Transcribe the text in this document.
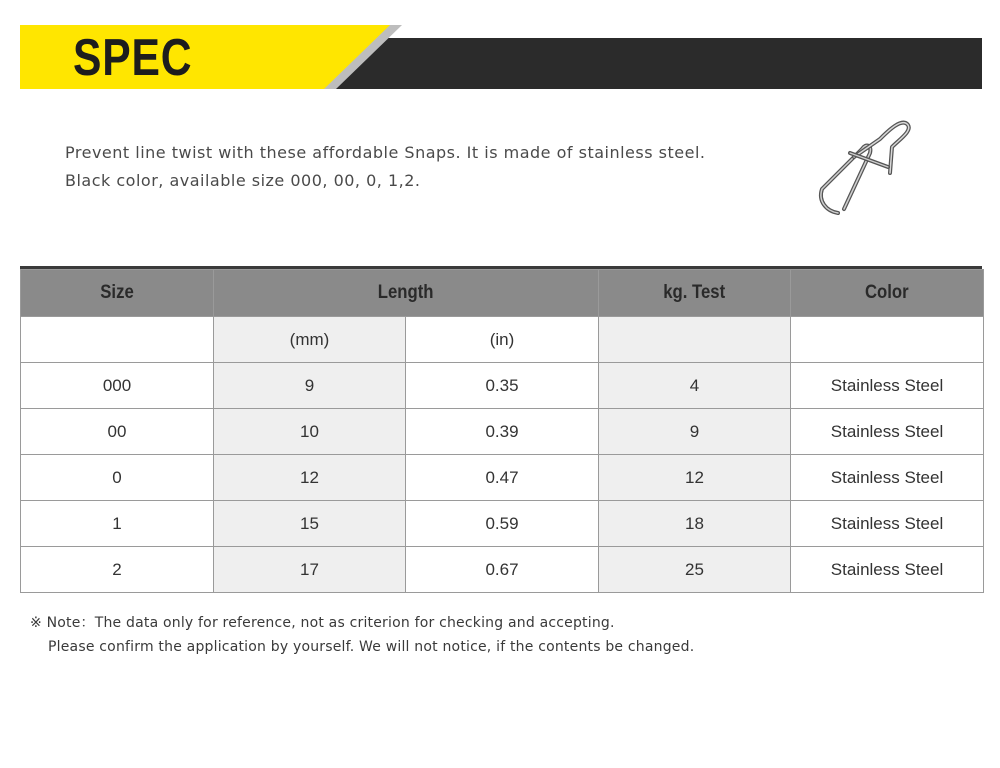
SPEC
Prevent line twist with these affordable Snaps. It is made of stainless steel.
Black color, available size 000, 00, 0, 1,2.
Size	Length		kg. Test	Color
	(mm)	(in)		
000	9	0.35	4	Stainless Steel
00	10	0.39	9	Stainless Steel
0	12	0.47	12	Stainless Steel
1	15	0.59	18	Stainless Steel
2	17	0.67	25	Stainless Steel
※ Note：The data only for reference, not as criterion for checking and accepting.
Please confirm the application by yourself. We will not notice, if the contents be changed.
